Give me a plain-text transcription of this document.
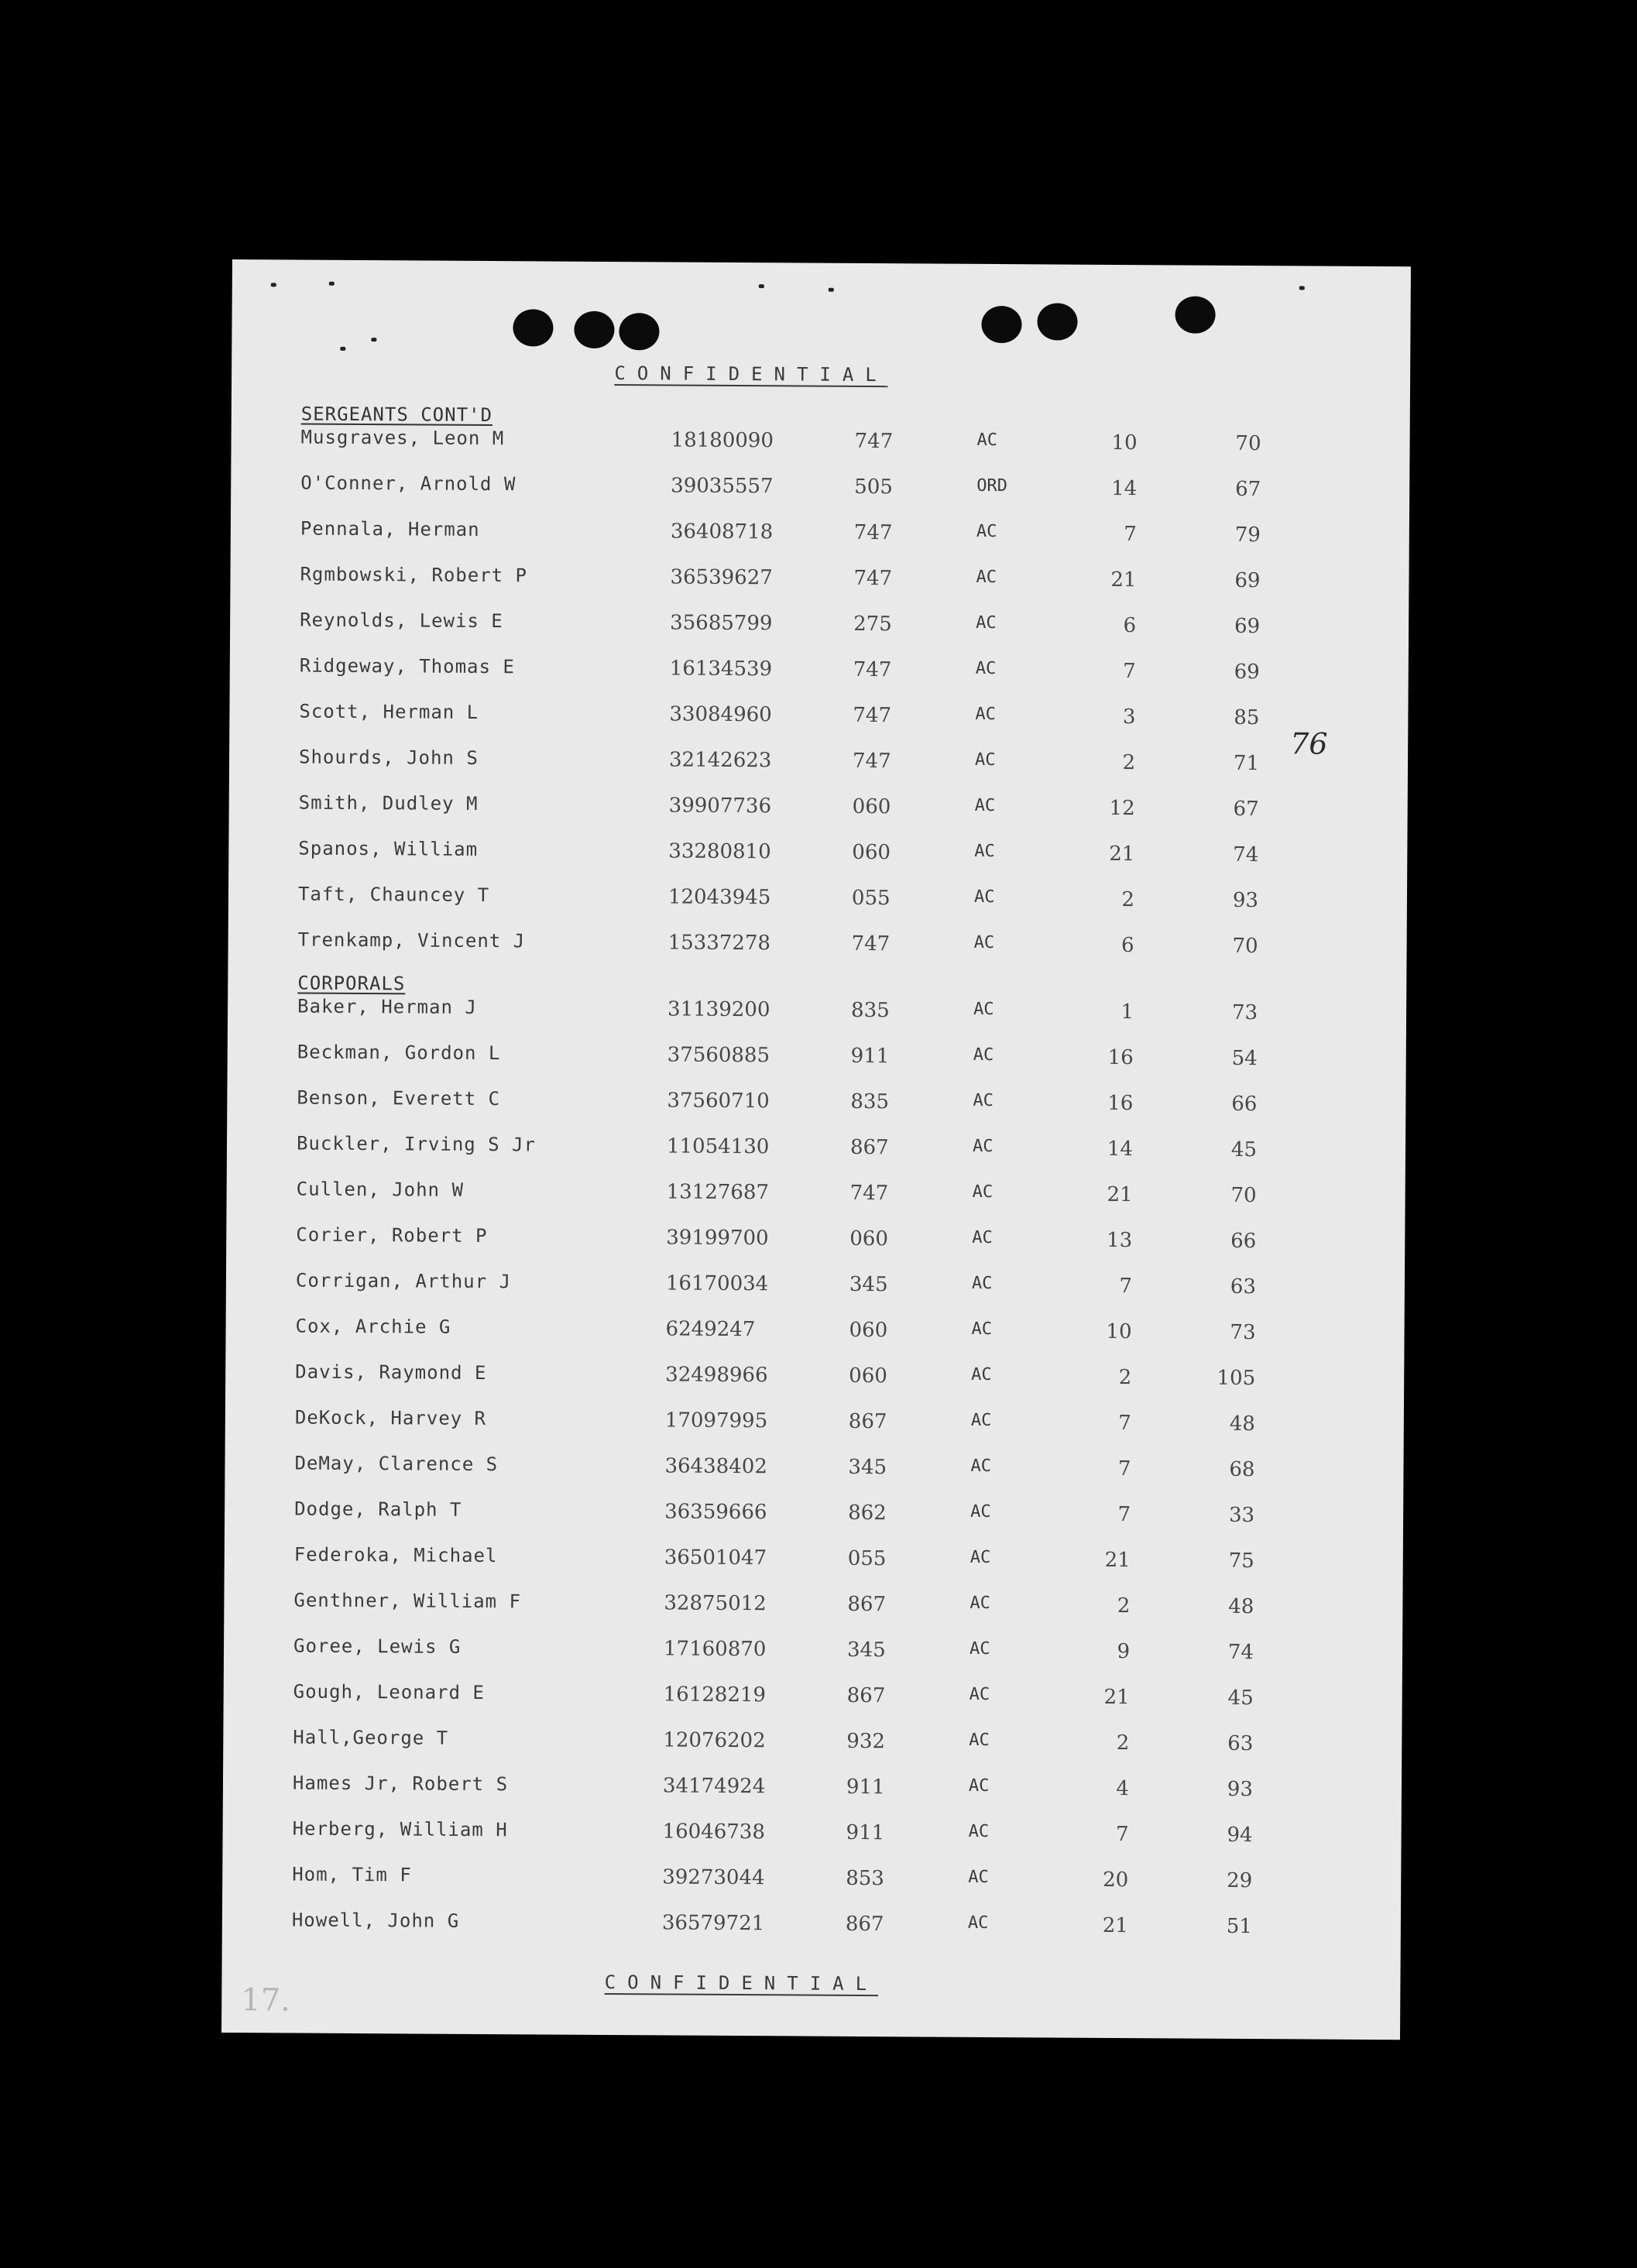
CONFIDENTIAL
SERGEANTS CONT'D
Musgraves, Leon M	18180090	747	AC	10	70
O'Conner, Arnold W	39035557	505	ORD	14	67
Pennala, Herman	36408718	747	AC	7	79
Rgmbowski, Robert P	36539627	747	AC	21	69
Reynolds, Lewis E	35685799	275	AC	6	69
Ridgeway, Thomas E	16134539	747	AC	7	69
Scott, Herman L	33084960	747	AC	3	85
Shourds, John S	32142623	747	AC	2	71
Smith, Dudley M	39907736	060	AC	12	67
Spanos, William	33280810	060	AC	21	74
Taft, Chauncey T	12043945	055	AC	2	93
Trenkamp, Vincent J	15337278	747	AC	6	70
CORPORALS
Baker, Herman J	31139200	835	AC	1	73
Beckman, Gordon L	37560885	911	AC	16	54
Benson, Everett C	37560710	835	AC	16	66
Buckler, Irving S Jr	11054130	867	AC	14	45
Cullen, John W	13127687	747	AC	21	70
Corier, Robert P	39199700	060	AC	13	66
Corrigan, Arthur J	16170034	345	AC	7	63
Cox, Archie G	6249247	060	AC	10	73
Davis, Raymond E	32498966	060	AC	2	105
DeKock, Harvey R	17097995	867	AC	7	48
DeMay, Clarence S	36438402	345	AC	7	68
Dodge, Ralph T	36359666	862	AC	7	33
Federoka, Michael	36501047	055	AC	21	75
Genthner, William F	32875012	867	AC	2	48
Goree, Lewis G	17160870	345	AC	9	74
Gough, Leonard E	16128219	867	AC	21	45
Hall,George T	12076202	932	AC	2	63
Hames Jr, Robert S	34174924	911	AC	4	93
Herberg, William H	16046738	911	AC	7	94
Hom, Tim F	39273044	853	AC	20	29
Howell, John G	36579721	867	AC	21	51
76
17.	CONFIDENTIAL
